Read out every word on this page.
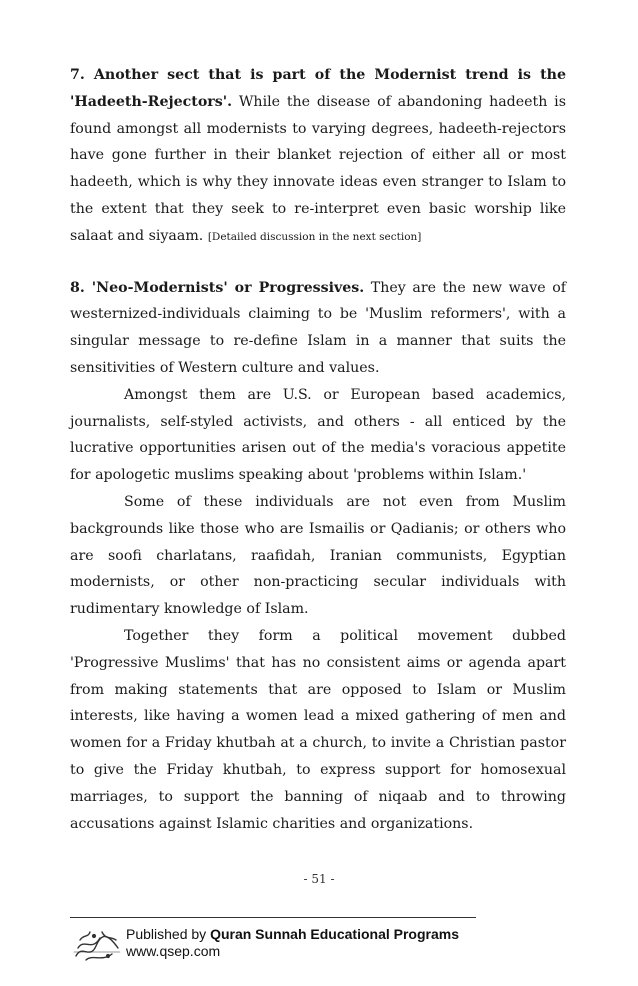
7. Another sect that is part of the Modernist trend is the 'Hadeeth-Rejectors'. While the disease of abandoning hadeeth is found amongst all modernists to varying degrees, hadeeth-rejectors have gone further in their blanket rejection of either all or most hadeeth, which is why they innovate ideas even stranger to Islam to the extent that they seek to re-interpret even basic worship like salaat and siyaam. [Detailed discussion in the next section]

8. 'Neo-Modernists' or Progressives. They are the new wave of westernized-individuals claiming to be 'Muslim reformers', with a singular message to re-define Islam in a manner that suits the sensitivities of Western culture and values.

Amongst them are U.S. or European based academics, journalists, self-styled activists, and others - all enticed by the lucrative opportunities arisen out of the media's voracious appetite for apologetic muslims speaking about 'problems within Islam.'

Some of these individuals are not even from Muslim backgrounds like those who are Ismailis or Qadianis; or others who are soofi charlatans, raafidah, Iranian communists, Egyptian modernists, or other non-practicing secular individuals with rudimentary knowledge of Islam.

Together they form a political movement dubbed 'Progressive Muslims' that has no consistent aims or agenda apart from making statements that are opposed to Islam or Muslim interests, like having a women lead a mixed gathering of men and women for a Friday khutbah at a church, to invite a Christian pastor to give the Friday khutbah, to express support for homosexual marriages, to support the banning of niqaab and to throwing accusations against Islamic charities and organizations.

- 51 -
Published by Quran Sunnah Educational Programs
www.qsep.com
